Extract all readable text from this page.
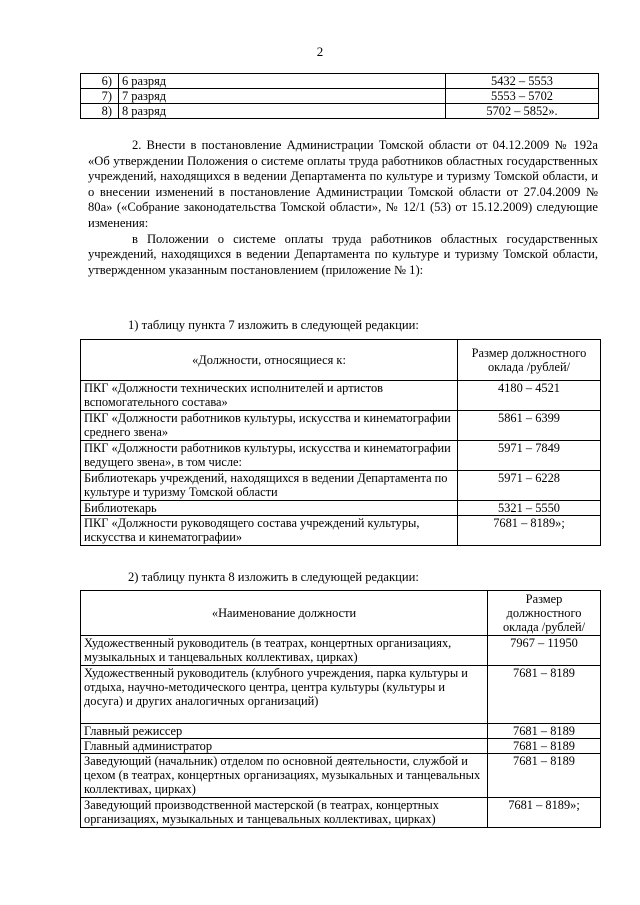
2
6)	6 разряд	5432 – 5553
7)	7 разряд	5553 – 5702
8)	8 разряд	5702 – 5852».

2. Внести в постановление Администрации Томской области от 04.12.2009 № 192а «Об утверждении Положения о системе оплаты труда работников областных государственных учреждений, находящихся в ведении Департамента по культуре и туризму Томской области, и о внесении изменений в постановление Администрации Томской области от 27.04.2009 № 80а» («Собрание законодательства Томской области», № 12/1 (53) от 15.12.2009) следующие изменения:

в Положении о системе оплаты труда работников областных государственных учреждений, находящихся в ведении Департамента по культуре и туризму Томской области, утвержденном указанным постановлением (приложение № 1):

1) таблицу пункта 7 изложить в следующей редакции:
«Должности, относящиеся к:	Размер должностного оклада /рублей/
ПКГ «Должности технических исполнителей и артистов вспомогательного состава»	4180 – 4521
ПКГ «Должности работников культуры, искусства и кинематографии среднего звена»	5861 – 6399
ПКГ «Должности работников культуры, искусства и кинематографии ведущего звена», в том числе:	5971 – 7849
Библиотекарь учреждений, находящихся в ведении Департамента по культуре и туризму Томской области	5971 – 6228
Библиотекарь	5321 – 5550
ПКГ «Должности руководящего состава учреждений культуры, искусства и кинематографии»	7681 – 8189»;
2) таблицу пункта 8 изложить в следующей редакции:
«Наименование должности	Размер должностного оклада /рублей/
Художественный руководитель (в театрах, концертных организациях, музыкальных и танцевальных коллективах, цирках)	7967 – 11950
Художественный руководитель (клубного учреждения, парка культуры и отдыха, научно-методического центра, центра культуры (культуры и досуга) и других аналогичных организаций)	7681 – 8189
Главный режиссер	7681 – 8189
Главный администратор	7681 – 8189
Заведующий (начальник) отделом по основной деятельности, службой и цехом (в театрах, концертных организациях, музыкальных и танцевальных коллективах, цирках)	7681 – 8189
Заведующий производственной мастерской (в театрах, концертных организациях, музыкальных и танцевальных коллективах, цирках)	7681 – 8189»;
